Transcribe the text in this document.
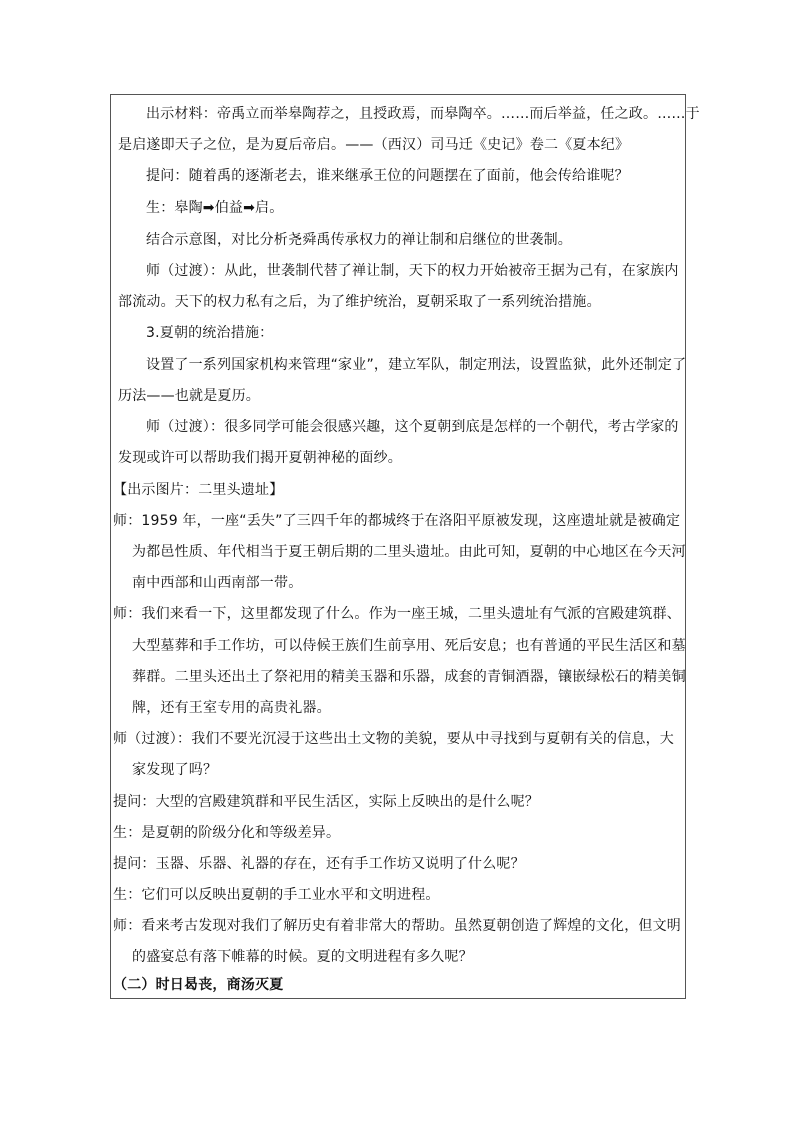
出示材料：帝禹立而举皋陶荐之，且授政焉，而皋陶卒。……而后举益，任之政。……于
是启遂即天子之位，是为夏后帝启。——（西汉）司马迁《史记》卷二《夏本纪》
提问：随着禹的逐渐老去，谁来继承王位的问题摆在了面前，他会传给谁呢？
生：皋陶➡伯益➡启。
结合示意图，对比分析尧舜禹传承权力的禅让制和启继位的世袭制。
师（过渡）：从此，世袭制代替了禅让制，天下的权力开始被帝王据为己有，在家族内
部流动。天下的权力私有之后，为了维护统治，夏朝采取了一系列统治措施。
3.夏朝的统治措施：
设置了一系列国家机构来管理“家业”，建立军队，制定刑法，设置监狱，此外还制定了
历法——也就是夏历。
师（过渡）：很多同学可能会很感兴趣，这个夏朝到底是怎样的一个朝代，考古学家的
发现或许可以帮助我们揭开夏朝神秘的面纱。
【出示图片：二里头遗址】
师：1959 年，一座“丢失”了三四千年的都城终于在洛阳平原被发现，这座遗址就是被确定
为都邑性质、年代相当于夏王朝后期的二里头遗址。由此可知，夏朝的中心地区在今天河
南中西部和山西南部一带。
师：我们来看一下，这里都发现了什么。作为一座王城，二里头遗址有气派的宫殿建筑群、
大型墓葬和手工作坊，可以侍候王族们生前享用、死后安息；也有普通的平民生活区和墓
葬群。二里头还出土了祭祀用的精美玉器和乐器，成套的青铜酒器，镶嵌绿松石的精美铜
牌，还有王室专用的高贵礼器。
师（过渡）：我们不要光沉浸于这些出土文物的美貌，要从中寻找到与夏朝有关的信息，大
家发现了吗？
提问：大型的宫殿建筑群和平民生活区，实际上反映出的是什么呢？
生：是夏朝的阶级分化和等级差异。
提问：玉器、乐器、礼器的存在，还有手工作坊又说明了什么呢？
生：它们可以反映出夏朝的手工业水平和文明进程。
师：看来考古发现对我们了解历史有着非常大的帮助。虽然夏朝创造了辉煌的文化，但文明
的盛宴总有落下帷幕的时候。夏的文明进程有多久呢？
（二）时日曷丧，商汤灭夏
